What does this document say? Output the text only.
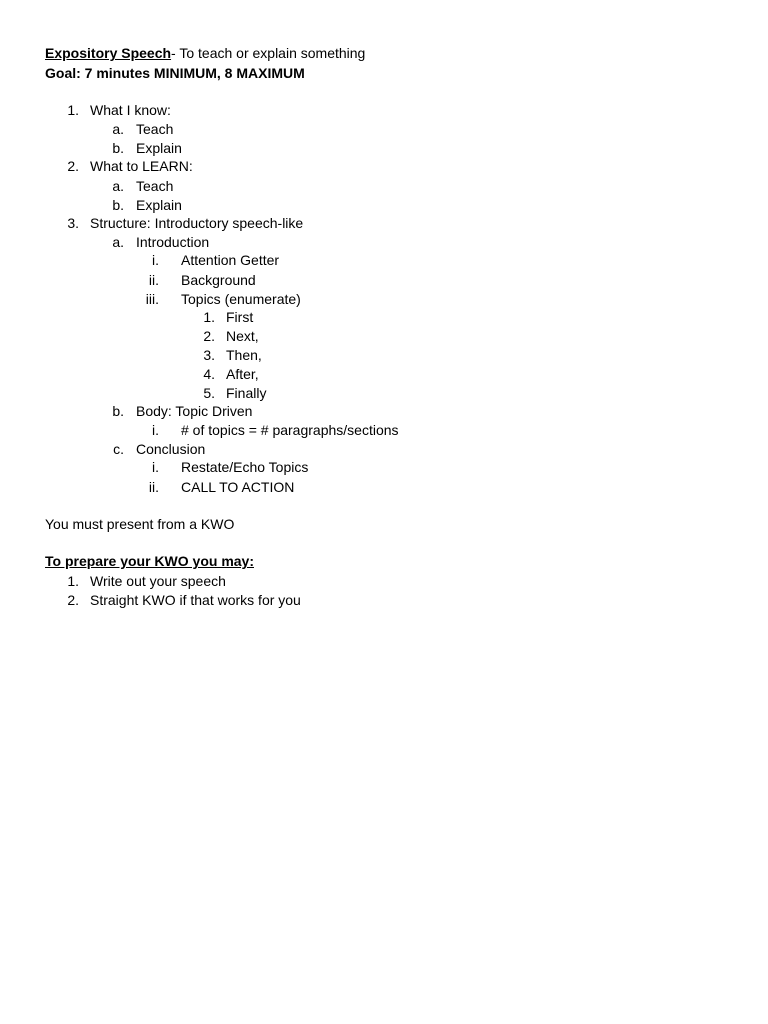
Expository Speech- To teach or explain something
Goal: 7 minutes MINIMUM, 8 MAXIMUM
1. What I know:
a. Teach
b. Explain
2. What to LEARN:
a. Teach
b. Explain
3. Structure: Introductory speech-like
a. Introduction
i. Attention Getter
ii. Background
iii. Topics (enumerate)
1. First
2. Next,
3. Then,
4. After,
5. Finally
b. Body: Topic Driven
i. # of topics = # paragraphs/sections
c. Conclusion
i. Restate/Echo Topics
ii. CALL TO ACTION
You must present from a KWO
To prepare your KWO you may:
1. Write out your speech
2. Straight KWO if that works for you
